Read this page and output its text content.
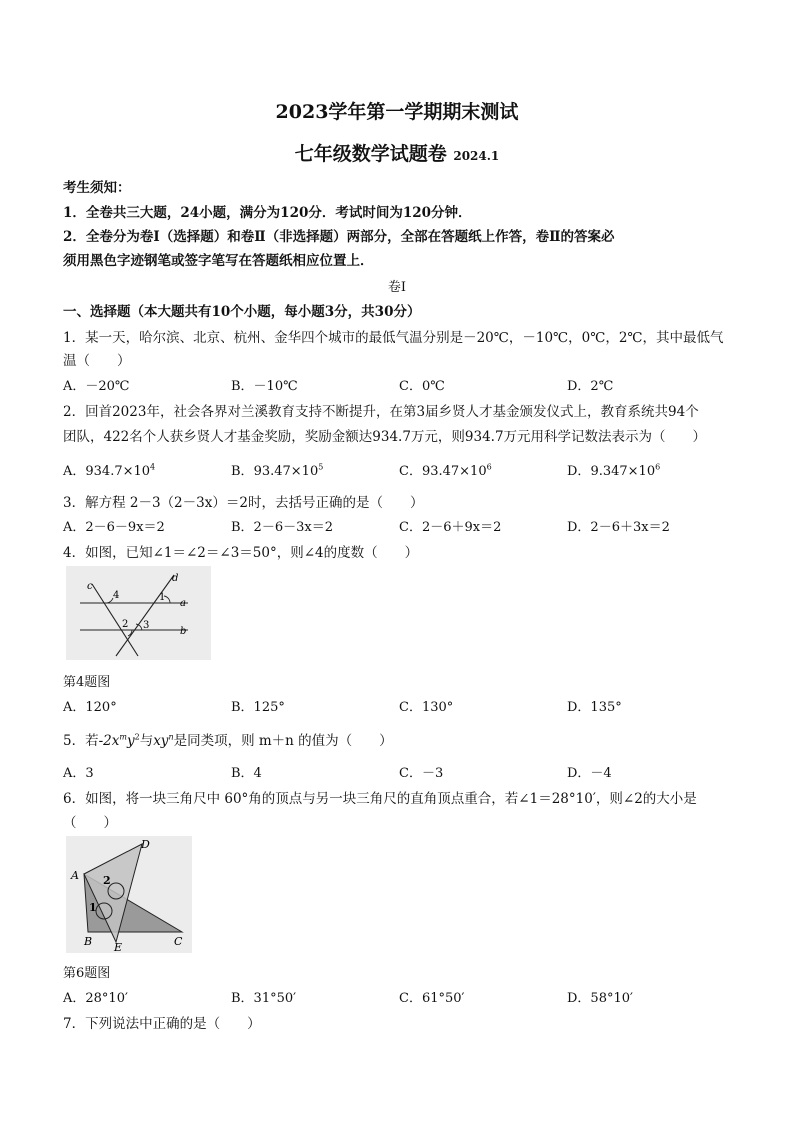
2023学年第一学期期末测试
七年级数学试题卷 2024.1
考生须知：
1．全卷共三大题，24小题，满分为120分．考试时间为120分钟．
2．全卷分为卷Ⅰ（选择题）和卷Ⅱ（非选择题）两部分，全部在答题纸上作答，卷Ⅱ的答案必
须用黑色字迹钢笔或签字笔写在答题纸相应位置上．
卷Ⅰ
一、选择题（本大题共有10个小题，每小题3分，共30分）
1．某一天，哈尔滨、北京、杭州、金华四个城市的最低气温分别是－20℃，－10℃，0℃，2℃，其中最低气
温（　　）
A．－20℃	B．－10℃	C．0℃	D．2℃
2．回首2023年，社会各界对兰溪教育支持不断提升，在第3届乡贤人才基金颁发仪式上，教育系统共94个
团队，422名个人获乡贤人才基金奖励，奖励金额达934.7万元，则934.7万元用科学记数法表示为（　　）
A．$934.7\times 10^4$	B．$93.47\times 10^5$	C．$93.47\times 10^6$	D．$9.347\times 10^6$
3．解方程 2－3（2－3x）＝2时，去括号正确的是（　　）
A．2－6－9x＝2	B．2－6－3x＝2	C．2－6＋9x＝2	D．2－6＋3x＝2
4．如图，已知∠1＝∠2＝∠3＝50°，则∠4的度数（　　）
c
d
a
b
4	1
2 3
第4题图
A．120°	B．125°	C．130°	D．135°
5．若$-2x^my^2$与$xy^n$是同类项，则 m＋n 的值为（　　）
A．3	B．4	C．－3	D．－4
6．如图，将一块三角尺中 60°角的顶点与另一块三角尺的直角顶点重合，若∠1＝28°10′，则∠2的大小是
（　　）
A
B	C
D
E
2
1
第6题图
A．28°10′	B．31°50′	C．61°50′	D．58°10′
7．下列说法中正确的是（　　）
